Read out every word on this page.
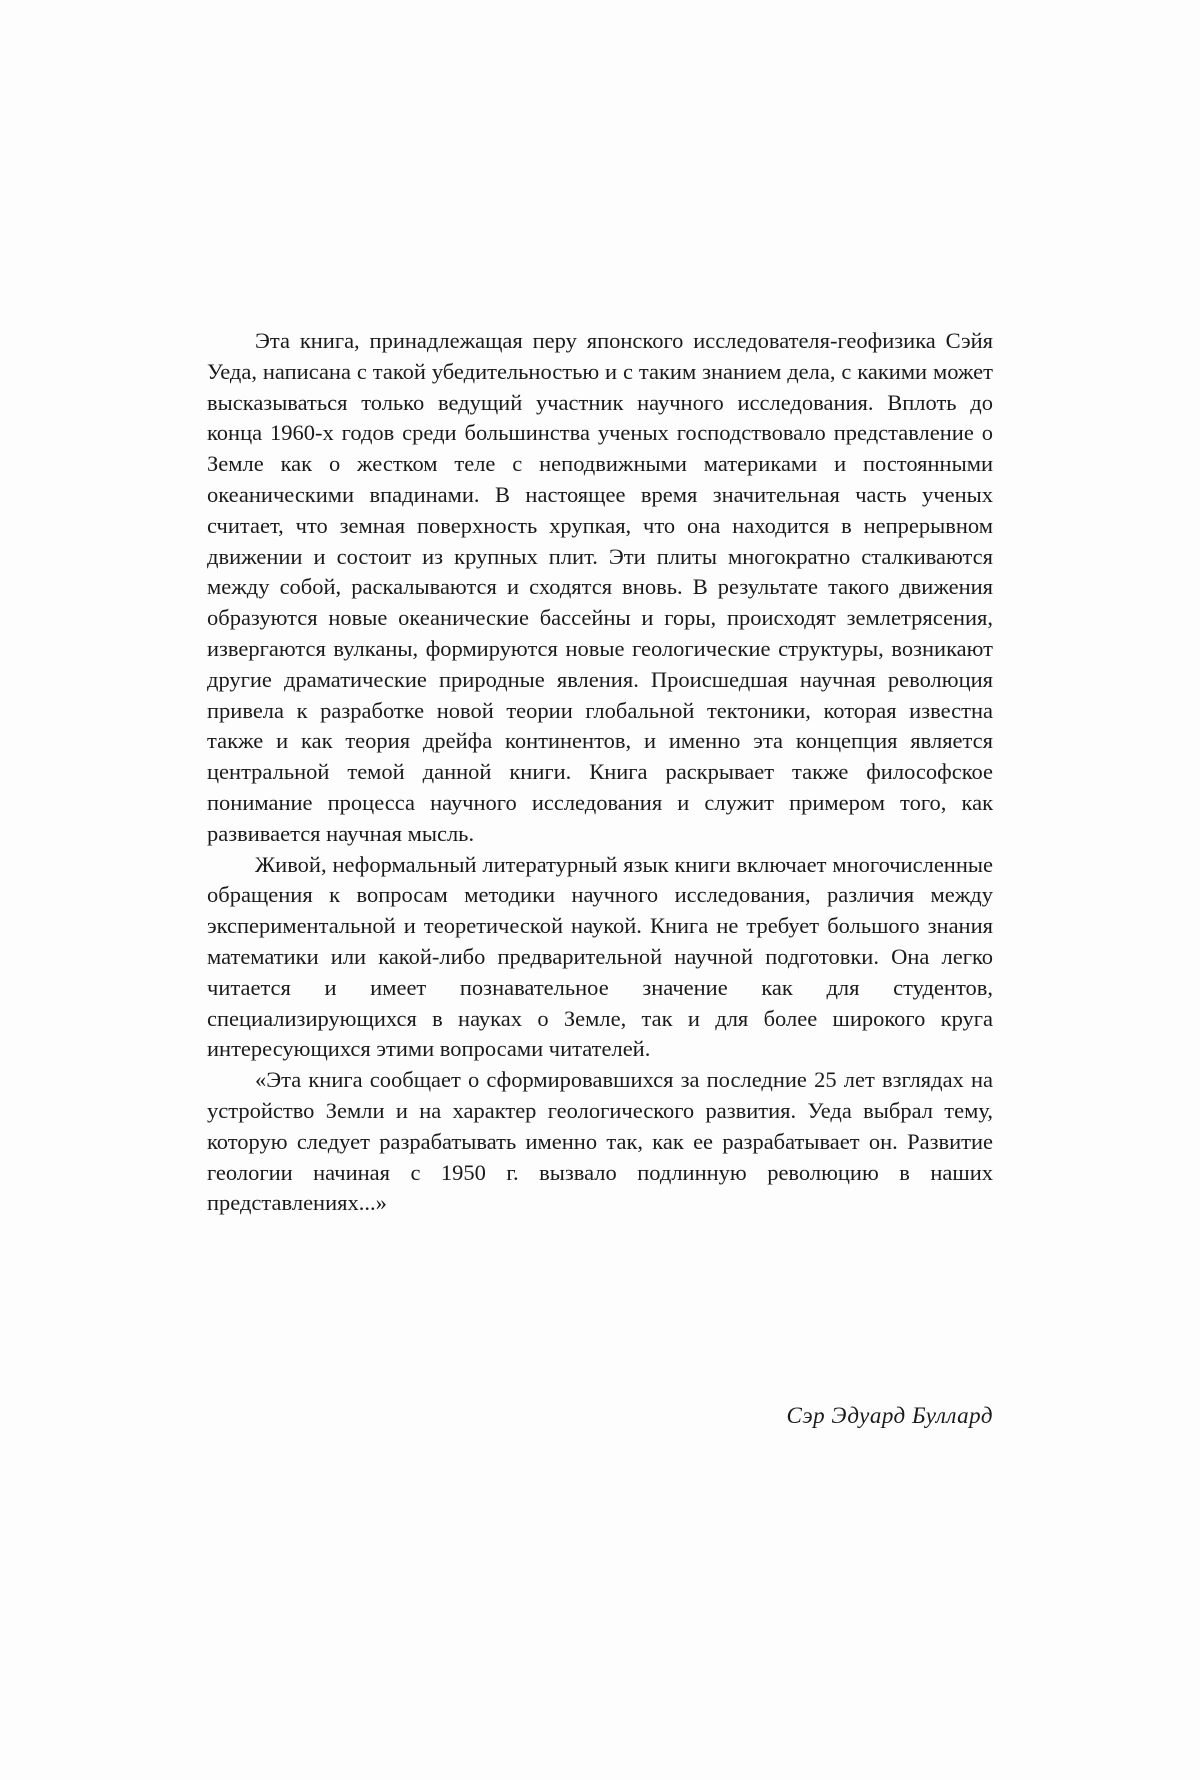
Эта книга, принадлежащая перу японского исследователя-геофизика Сэйя Уеда, написана с такой убедительностью и с таким знанием дела, с какими может высказываться только ведущий участник научного исследования. Вплоть до конца 1960-х годов среди большинства ученых господствовало представление о Земле как о жестком теле с неподвижными материками и постоянными океаническими впадинами. В настоящее время значительная часть ученых считает, что земная поверхность хрупкая, что она находится в непрерывном движении и состоит из крупных плит. Эти плиты многократно сталкиваются между собой, раскалываются и сходятся вновь. В результате такого движения образуются новые океанические бассейны и горы, происходят землетрясения, извергаются вулканы, формируются новые геологические структуры, возникают другие драматические природные явления. Происшедшая научная революция привела к разработке новой теории глобальной тектоники, которая известна также и как теория дрейфа континентов, и именно эта концепция является центральной темой данной книги. Книга раскрывает также философское понимание процесса научного исследования и служит примером того, как развивается научная мысль.

Живой, неформальный литературный язык книги включает многочисленные обращения к вопросам методики научного исследования, различия между экспериментальной и теоретической наукой. Книга не требует большого знания математики или какой-либо предварительной научной подготовки. Она легко читается и имеет познавательное значение как для студентов, специализирующихся в науках о Земле, так и для более широкого круга интересующихся этими вопросами читателей.

«Эта книга сообщает о сформировавшихся за последние 25 лет взглядах на устройство Земли и на характер геологического развития. Уеда выбрал тему, которую следует разрабатывать именно так, как ее разрабатывает он. Развитие геологии начиная с 1950 г. вызвало подлинную революцию в наших представлениях...»

Сэр Эдуард Буллард
